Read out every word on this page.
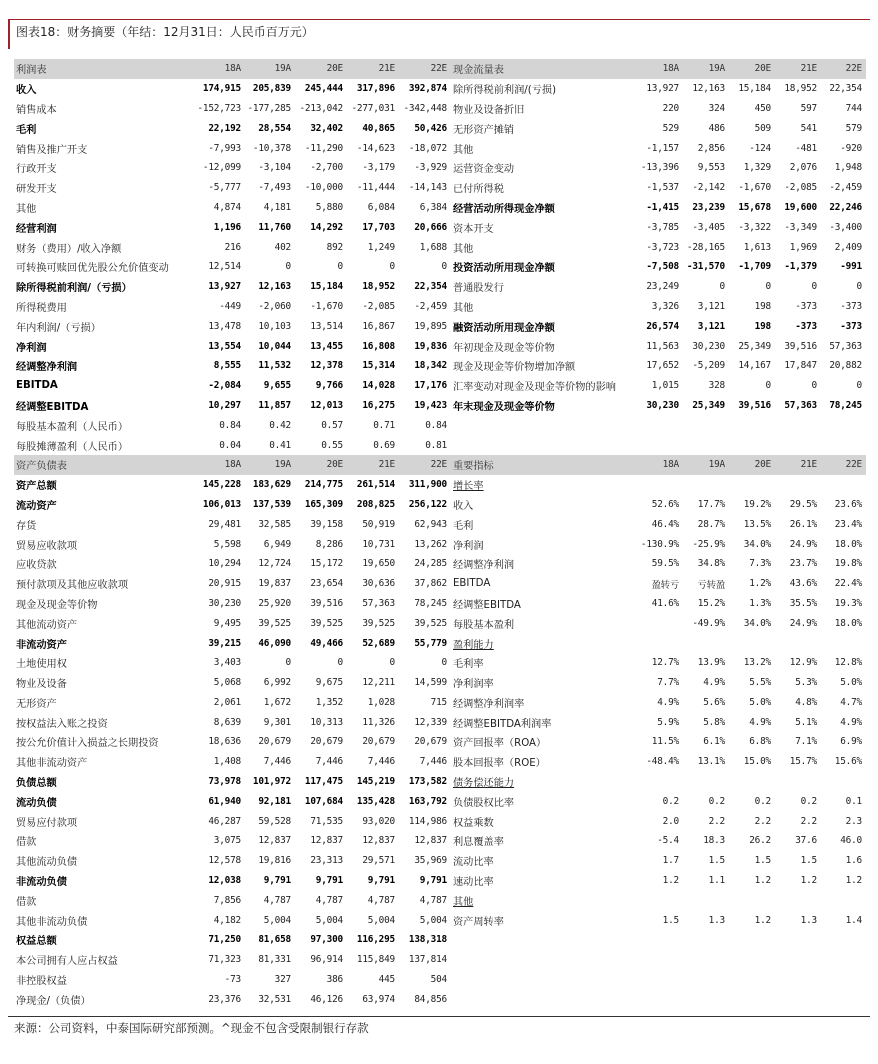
图表18：财务摘要（年结：12月31日：人民币百万元）
利润表	18A	19A	20E	21E	22E
收入	174,915	205,839	245,444	317,896	392,874
销售成本	-152,723	-177,285	-213,042	-277,031	-342,448
毛利	22,192	28,554	32,402	40,865	50,426
销售及推广开支	-7,993	-10,378	-11,290	-14,623	-18,072
行政开支	-12,099	-3,104	-2,700	-3,179	-3,929
研发开支	-5,777	-7,493	-10,000	-11,444	-14,143
其他	4,874	4,181	5,880	6,084	6,384
经营利润	1,196	11,760	14,292	17,703	20,666
财务（费用）/收入净额	216	402	892	1,249	1,688
可转换可赎回优先股公允价值变动	12,514	0	0	0	0
除所得税前利润/（亏损）	13,927	12,163	15,184	18,952	22,354
所得税费用	-449	-2,060	-1,670	-2,085	-2,459
年内利润/（亏损）	13,478	10,103	13,514	16,867	19,895
净利润	13,554	10,044	13,455	16,808	19,836
经调整净利润	8,555	11,532	12,378	15,314	18,342
EBITDA	-2,084	9,655	9,766	14,028	17,176
经调整EBITDA	10,297	11,857	12,013	16,275	19,423
每股基本盈利（人民币）	0.84	0.42	0.57	0.71	0.84
每股摊薄盈利（人民币）	0.04	0.41	0.55	0.69	0.81
资产负债表	18A	19A	20E	21E	22E
资产总额	145,228	183,629	214,775	261,514	311,900
流动资产	106,013	137,539	165,309	208,825	256,122
存货	29,481	32,585	39,158	50,919	62,943
贸易应收款项	5,598	6,949	8,286	10,731	13,262
应收贷款	10,294	12,724	15,172	19,650	24,285
预付款项及其他应收款项	20,915	19,837	23,654	30,636	37,862
现金及现金等价物	30,230	25,920	39,516	57,363	78,245
其他流动资产	9,495	39,525	39,525	39,525	39,525
非流动资产	39,215	46,090	49,466	52,689	55,779
土地使用权	3,403	0	0	0	0
物业及设备	5,068	6,992	9,675	12,211	14,599
无形资产	2,061	1,672	1,352	1,028	715
按权益法入账之投资	8,639	9,301	10,313	11,326	12,339
按公允价值计入损益之长期投资	18,636	20,679	20,679	20,679	20,679
其他非流动资产	1,408	7,446	7,446	7,446	7,446
负债总额	73,978	101,972	117,475	145,219	173,582
流动负债	61,940	92,181	107,684	135,428	163,792
贸易应付款项	46,287	59,528	71,535	93,020	114,986
借款	3,075	12,837	12,837	12,837	12,837
其他流动负债	12,578	19,816	23,313	29,571	35,969
非流动负债	12,038	9,791	9,791	9,791	9,791
借款	7,856	4,787	4,787	4,787	4,787
其他非流动负债	4,182	5,004	5,004	5,004	5,004
权益总额	71,250	81,658	97,300	116,295	138,318
本公司拥有人应占权益	71,323	81,331	96,914	115,849	137,814
非控股权益	-73	327	386	445	504
净现金/（负债）	23,376	32,531	46,126	63,974	84,856
现金流量表	18A	19A	20E	21E	22E
除所得税前利润/(亏损)	13,927	12,163	15,184	18,952	22,354
物业及设备折旧	220	324	450	597	744
无形资产摊销	529	486	509	541	579
其他	-1,157	2,856	-124	-481	-920
运营资金变动	-13,396	9,553	1,329	2,076	1,948
已付所得税	-1,537	-2,142	-1,670	-2,085	-2,459
经营活动所得现金净额	-1,415	23,239	15,678	19,600	22,246
资本开支	-3,785	-3,405	-3,322	-3,349	-3,400
其他	-3,723	-28,165	1,613	1,969	2,409
投资活动所用现金净额	-7,508	-31,570	-1,709	-1,379	-991
普通股发行	23,249	0	0	0	0
其他	3,326	3,121	198	-373	-373
融资活动所用现金净额	26,574	3,121	198	-373	-373
年初现金及现金等价物	11,563	30,230	25,349	39,516	57,363
现金及现金等价物增加净额	17,652	-5,209	14,167	17,847	20,882
汇率变动对现金及现金等价物的影响	1,015	328	0	0	0
年末现金及现金等价物	30,230	25,349	39,516	57,363	78,245

重要指标	18A	19A	20E	21E	22E
增长率					
收入	52.6%	17.7%	19.2%	29.5%	23.6%
毛利	46.4%	28.7%	13.5%	26.1%	23.4%
净利润	-130.9%	-25.9%	34.0%	24.9%	18.0%
经调整净利润	59.5%	34.8%	7.3%	23.7%	19.8%
EBITDA	盈转亏	亏转盈	1.2%	43.6%	22.4%
经调整EBITDA	41.6%	15.2%	1.3%	35.5%	19.3%
每股基本盈利		-49.9%	34.0%	24.9%	18.0%
盈利能力					
毛利率	12.7%	13.9%	13.2%	12.9%	12.8%
净利润率	7.7%	4.9%	5.5%	5.3%	5.0%
经调整净利润率	4.9%	5.6%	5.0%	4.8%	4.7%
经调整EBITDA利润率	5.9%	5.8%	4.9%	5.1%	4.9%
资产回报率（ROA）	11.5%	6.1%	6.8%	7.1%	6.9%
股本回报率（ROE）	-48.4%	13.1%	15.0%	15.7%	15.6%
债务偿还能力					
负债股权比率	0.2	0.2	0.2	0.2	0.1
权益乘数	2.0	2.2	2.2	2.2	2.3
利息覆盖率	-5.4	18.3	26.2	37.6	46.0
流动比率	1.7	1.5	1.5	1.5	1.6
速动比率	1.2	1.1	1.2	1.2	1.2
其他					
资产周转率	1.5	1.3	1.2	1.3	1.4
来源：公司资料，中泰国际研究部预测。^现金不包含受限制银行存款
